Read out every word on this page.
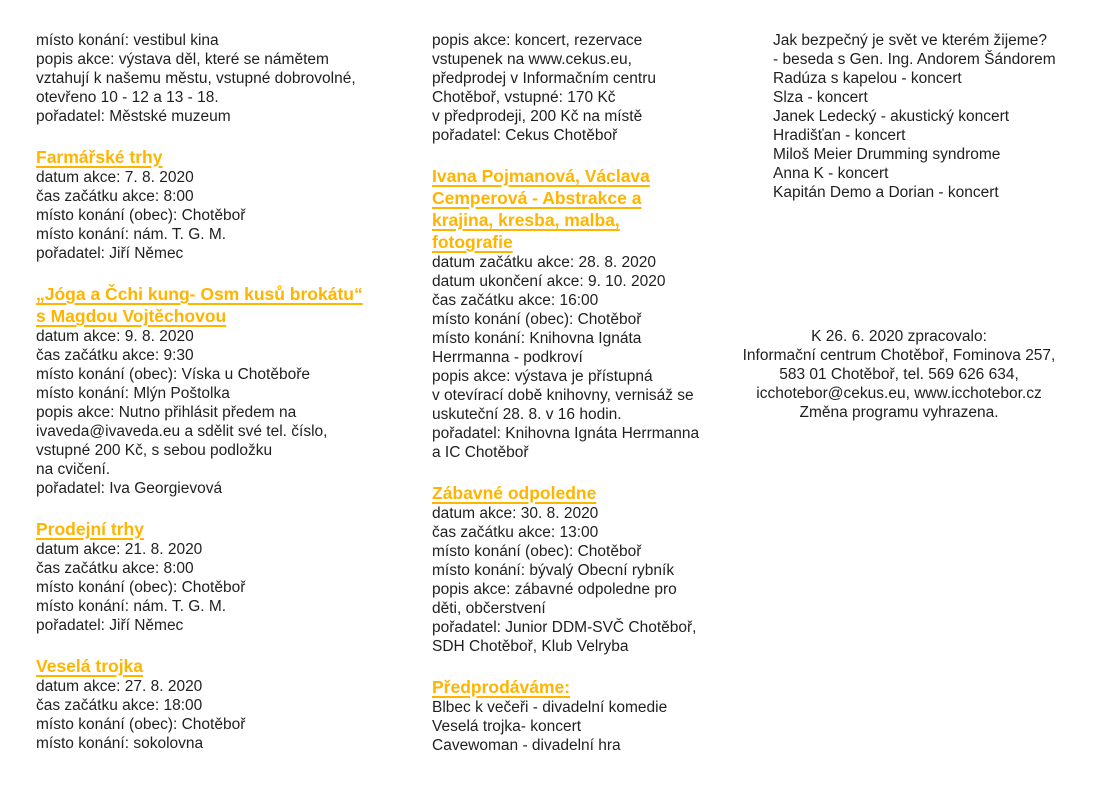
místo konání: vestibul kina
popis akce: výstava děl, které se námětem
vztahují k našemu městu, vstupné dobrovolné,
otevřeno 10 - 12 a 13 - 18.
pořadatel: Městské muzeum
Farmářské trhy
datum akce: 7. 8. 2020
čas začátku akce: 8:00
místo konání (obec): Chotěboř
místo konání: nám. T. G. M.
pořadatel: Jiří Němec
„Jóga a Čchi kung- Osm kusů brokátu“
s Magdou Vojtěchovou
datum akce: 9. 8. 2020
čas začátku akce: 9:30
místo konání (obec): Víska u Chotěboře
místo konání: Mlýn Poštolka
popis akce: Nutno přihlásit předem na
ivaveda@ivaveda.eu a sdělit své tel. číslo,
vstupné 200 Kč, s sebou podložku
na cvičení.
pořadatel: Iva Georgievová
Prodejní trhy
datum akce: 21. 8. 2020
čas začátku akce: 8:00
místo konání (obec): Chotěboř
místo konání: nám. T. G. M.
pořadatel: Jiří Němec
Veselá trojka
datum akce: 27. 8. 2020
čas začátku akce: 18:00
místo konání (obec): Chotěboř
místo konání: sokolovna
popis akce: koncert, rezervace
vstupenek na www.cekus.eu,
předprodej v Informačním centru
Chotěboř, vstupné: 170 Kč
v předprodeji, 200 Kč na místě
pořadatel: Cekus Chotěboř
Ivana Pojmanová, Václava
Cemperová - Abstrakce a
krajina, kresba, malba,
fotografie
datum začátku akce: 28. 8. 2020
datum ukončení akce: 9. 10. 2020
čas začátku akce: 16:00
místo konání (obec): Chotěboř
místo konání: Knihovna Ignáta
Herrmanna - podkroví
popis akce: výstava je přístupná
v otevírací době knihovny, vernisáž se
uskuteční 28. 8. v 16 hodin.
pořadatel: Knihovna Ignáta Herrmanna
a IC Chotěboř
Zábavné odpoledne
datum akce: 30. 8. 2020
čas začátku akce: 13:00
místo konání (obec): Chotěboř
místo konání: bývalý Obecní rybník
popis akce: zábavné odpoledne pro
děti, občerstvení
pořadatel: Junior DDM-SVČ Chotěboř,
SDH Chotěboř, Klub Velryba
Předprodáváme:
Blbec k večeři - divadelní komedie
Veselá trojka- koncert
Cavewoman - divadelní hra
Jak bezpečný je svět ve kterém žijeme?
- beseda s Gen. Ing. Andorem Šándorem
Radúza s kapelou - koncert
Slza - koncert
Janek Ledecký - akustický koncert
Hradišťan - koncert
Miloš Meier Drumming syndrome
Anna K - koncert
Kapitán Demo a Dorian - koncert
K 26. 6. 2020 zpracovalo:
Informační centrum Chotěboř, Fominova 257,
583 01 Chotěboř, tel. 569 626 634,
icchotebor@cekus.eu, www.icchotebor.cz
Změna programu vyhrazena.
